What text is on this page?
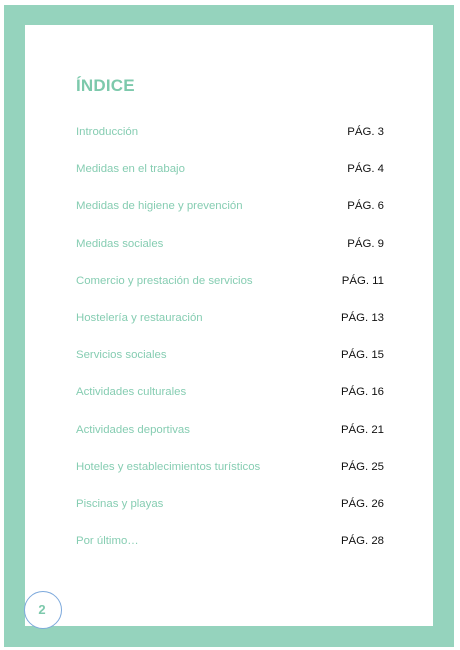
ÍNDICE
Introducción	PÁG. 3
Medidas en el trabajo	PÁG. 4
Medidas de higiene y prevención	PÁG. 6
Medidas sociales	PÁG. 9
Comercio y prestación de servicios	PÁG. 11
Hostelería y restauración	PÁG. 13
Servicios sociales	PÁG. 15
Actividades culturales	PÁG. 16
Actividades deportivas	PÁG. 21
Hoteles y establecimientos turísticos	PÁG. 25
Piscinas y playas	PÁG. 26
Por último…	PÁG. 28
2
